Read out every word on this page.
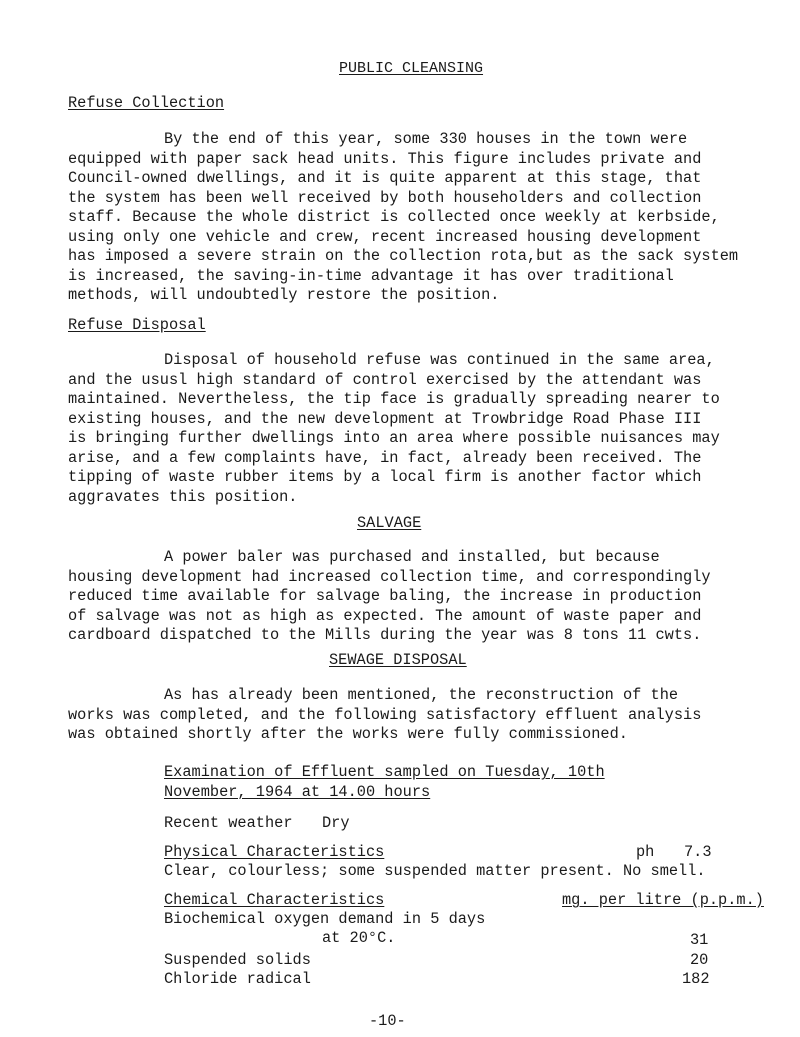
PUBLIC CLEANSING
Refuse Collection
By the end of this year, some 330 houses in the town were
equipped with paper sack head units. This figure includes private and
Council-owned dwellings, and it is quite apparent at this stage, that
the system has been well received by both householders and collection
staff. Because the whole district is collected once weekly at kerbside,
using only one vehicle and crew, recent increased housing development
has imposed a severe strain on the collection rota,but as the sack system
is increased, the saving-in-time advantage it has over traditional
methods, will undoubtedly restore the position.
Refuse Disposal
Disposal of household refuse was continued in the same area,
and the ususl high standard of control exercised by the attendant was
maintained. Nevertheless, the tip face is gradually spreading nearer to
existing houses, and the new development at Trowbridge Road Phase III
is bringing further dwellings into an area where possible nuisances may
arise, and a few complaints have, in fact, already been received. The
tipping of waste rubber items by a local firm is another factor which
aggravates this position.
SALVAGE
A power baler was purchased and installed, but because
housing development had increased collection time, and correspondingly
reduced time available for salvage baling, the increase in production
of salvage was not as high as expected. The amount of waste paper and
cardboard dispatched to the Mills during the year was 8 tons 11 cwts.
SEWAGE DISPOSAL
As has already been mentioned, the reconstruction of the
works was completed, and the following satisfactory effluent analysis
was obtained shortly after the works were fully commissioned.
Examination of Effluent sampled on Tuesday, 10th
November, 1964 at 14.00 hours
Recent weather Dry
Physical Characteristics	ph 7.3
Clear, colourless; some suspended matter present. No smell.
Chemical Characteristics	mg. per litre (p.p.m.)
Biochemical oxygen demand in 5 days
at 20°C.	31
Suspended solids	20
Chloride radical	182
-10-
